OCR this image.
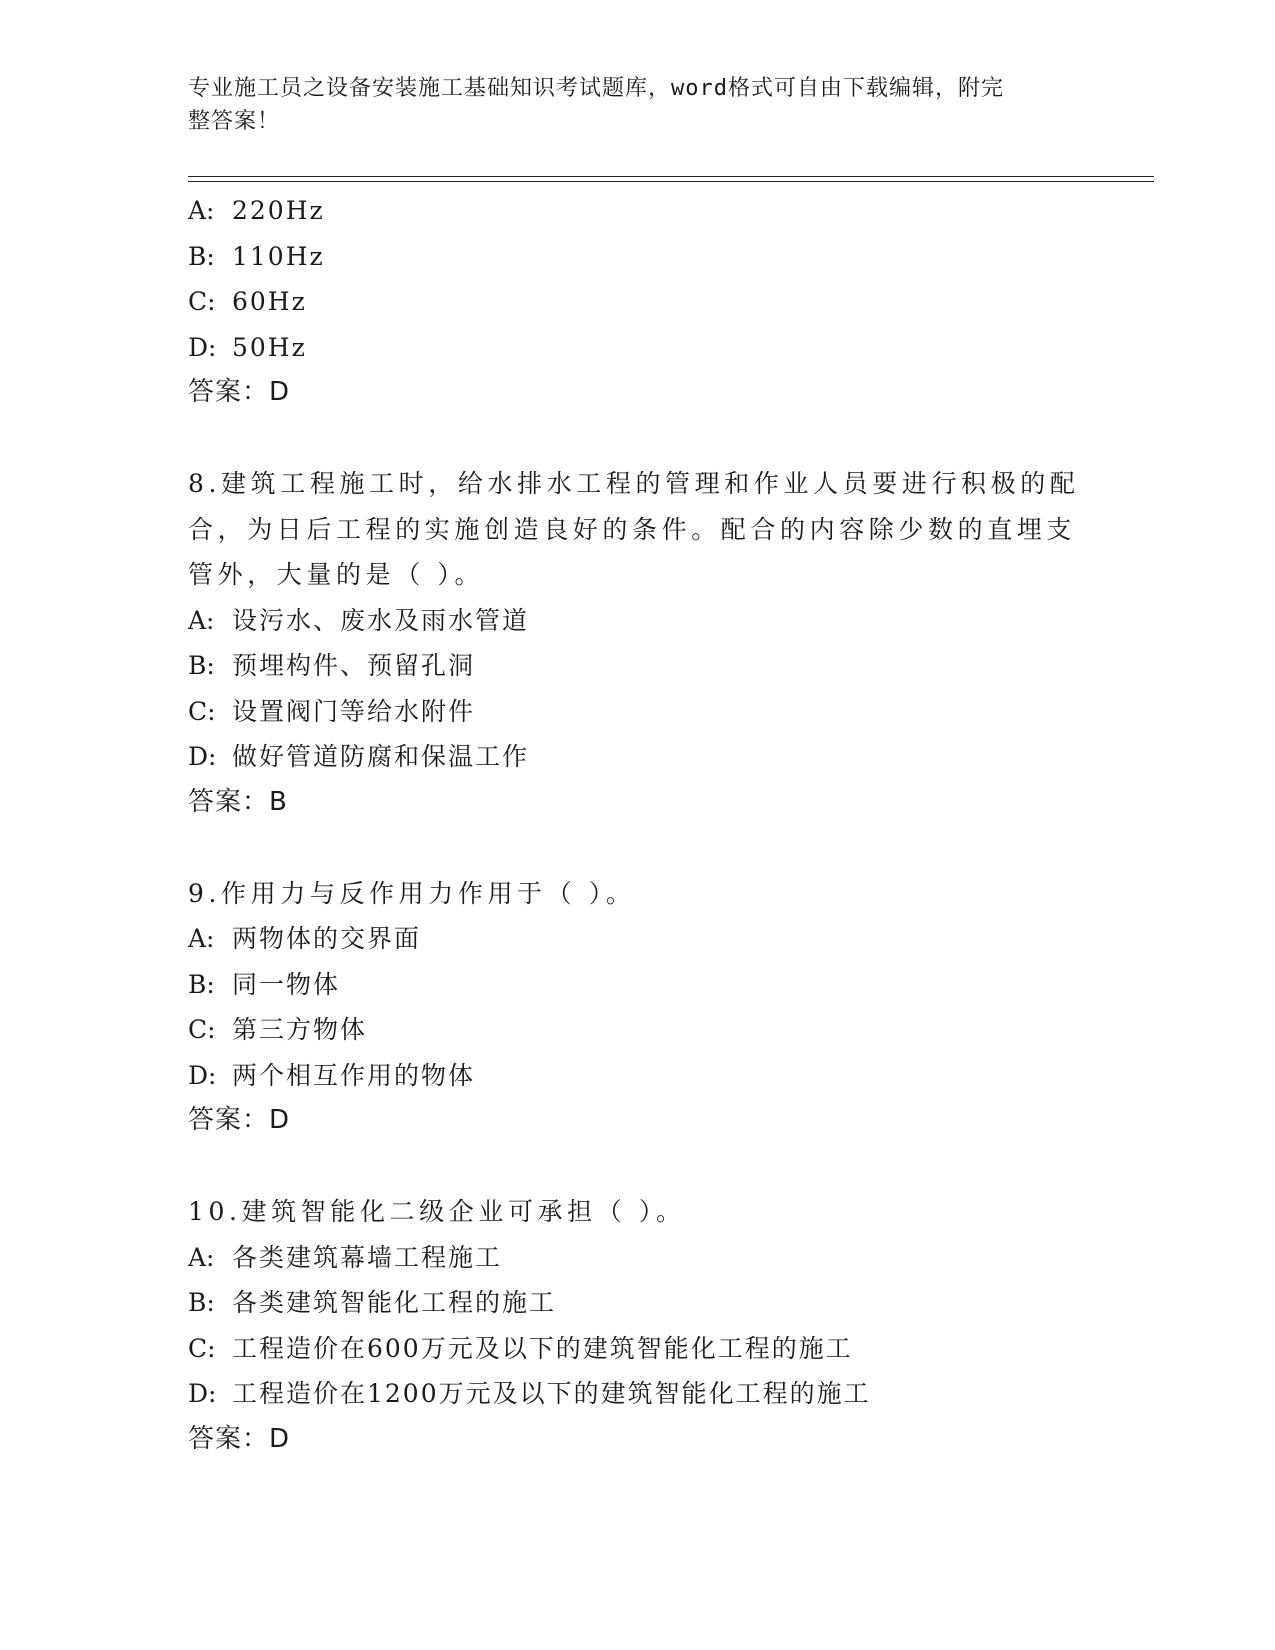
专业施工员之设备安装施工基础知识考试题库，word格式可自由下载编辑，附完
整答案！
A: 220Hz
B: 110Hz
C: 60Hz
D: 50Hz
答案：D
8.建筑工程施工时，给水排水工程的管理和作业人员要进行积极的配
合，为日后工程的实施创造良好的条件。配合的内容除少数的直埋支
管外，大量的是（ ）。
A: 设污水、废水及雨水管道
B: 预埋构件、预留孔洞
C: 设置阀门等给水附件
D: 做好管道防腐和保温工作
答案：B
9.作用力与反作用力作用于（ ）。
A: 两物体的交界面
B: 同一物体
C: 第三方物体
D: 两个相互作用的物体
答案：D
10.建筑智能化二级企业可承担（ ）。
A: 各类建筑幕墙工程施工
B: 各类建筑智能化工程的施工
C: 工程造价在600万元及以下的建筑智能化工程的施工
D: 工程造价在1200万元及以下的建筑智能化工程的施工
答案：D
